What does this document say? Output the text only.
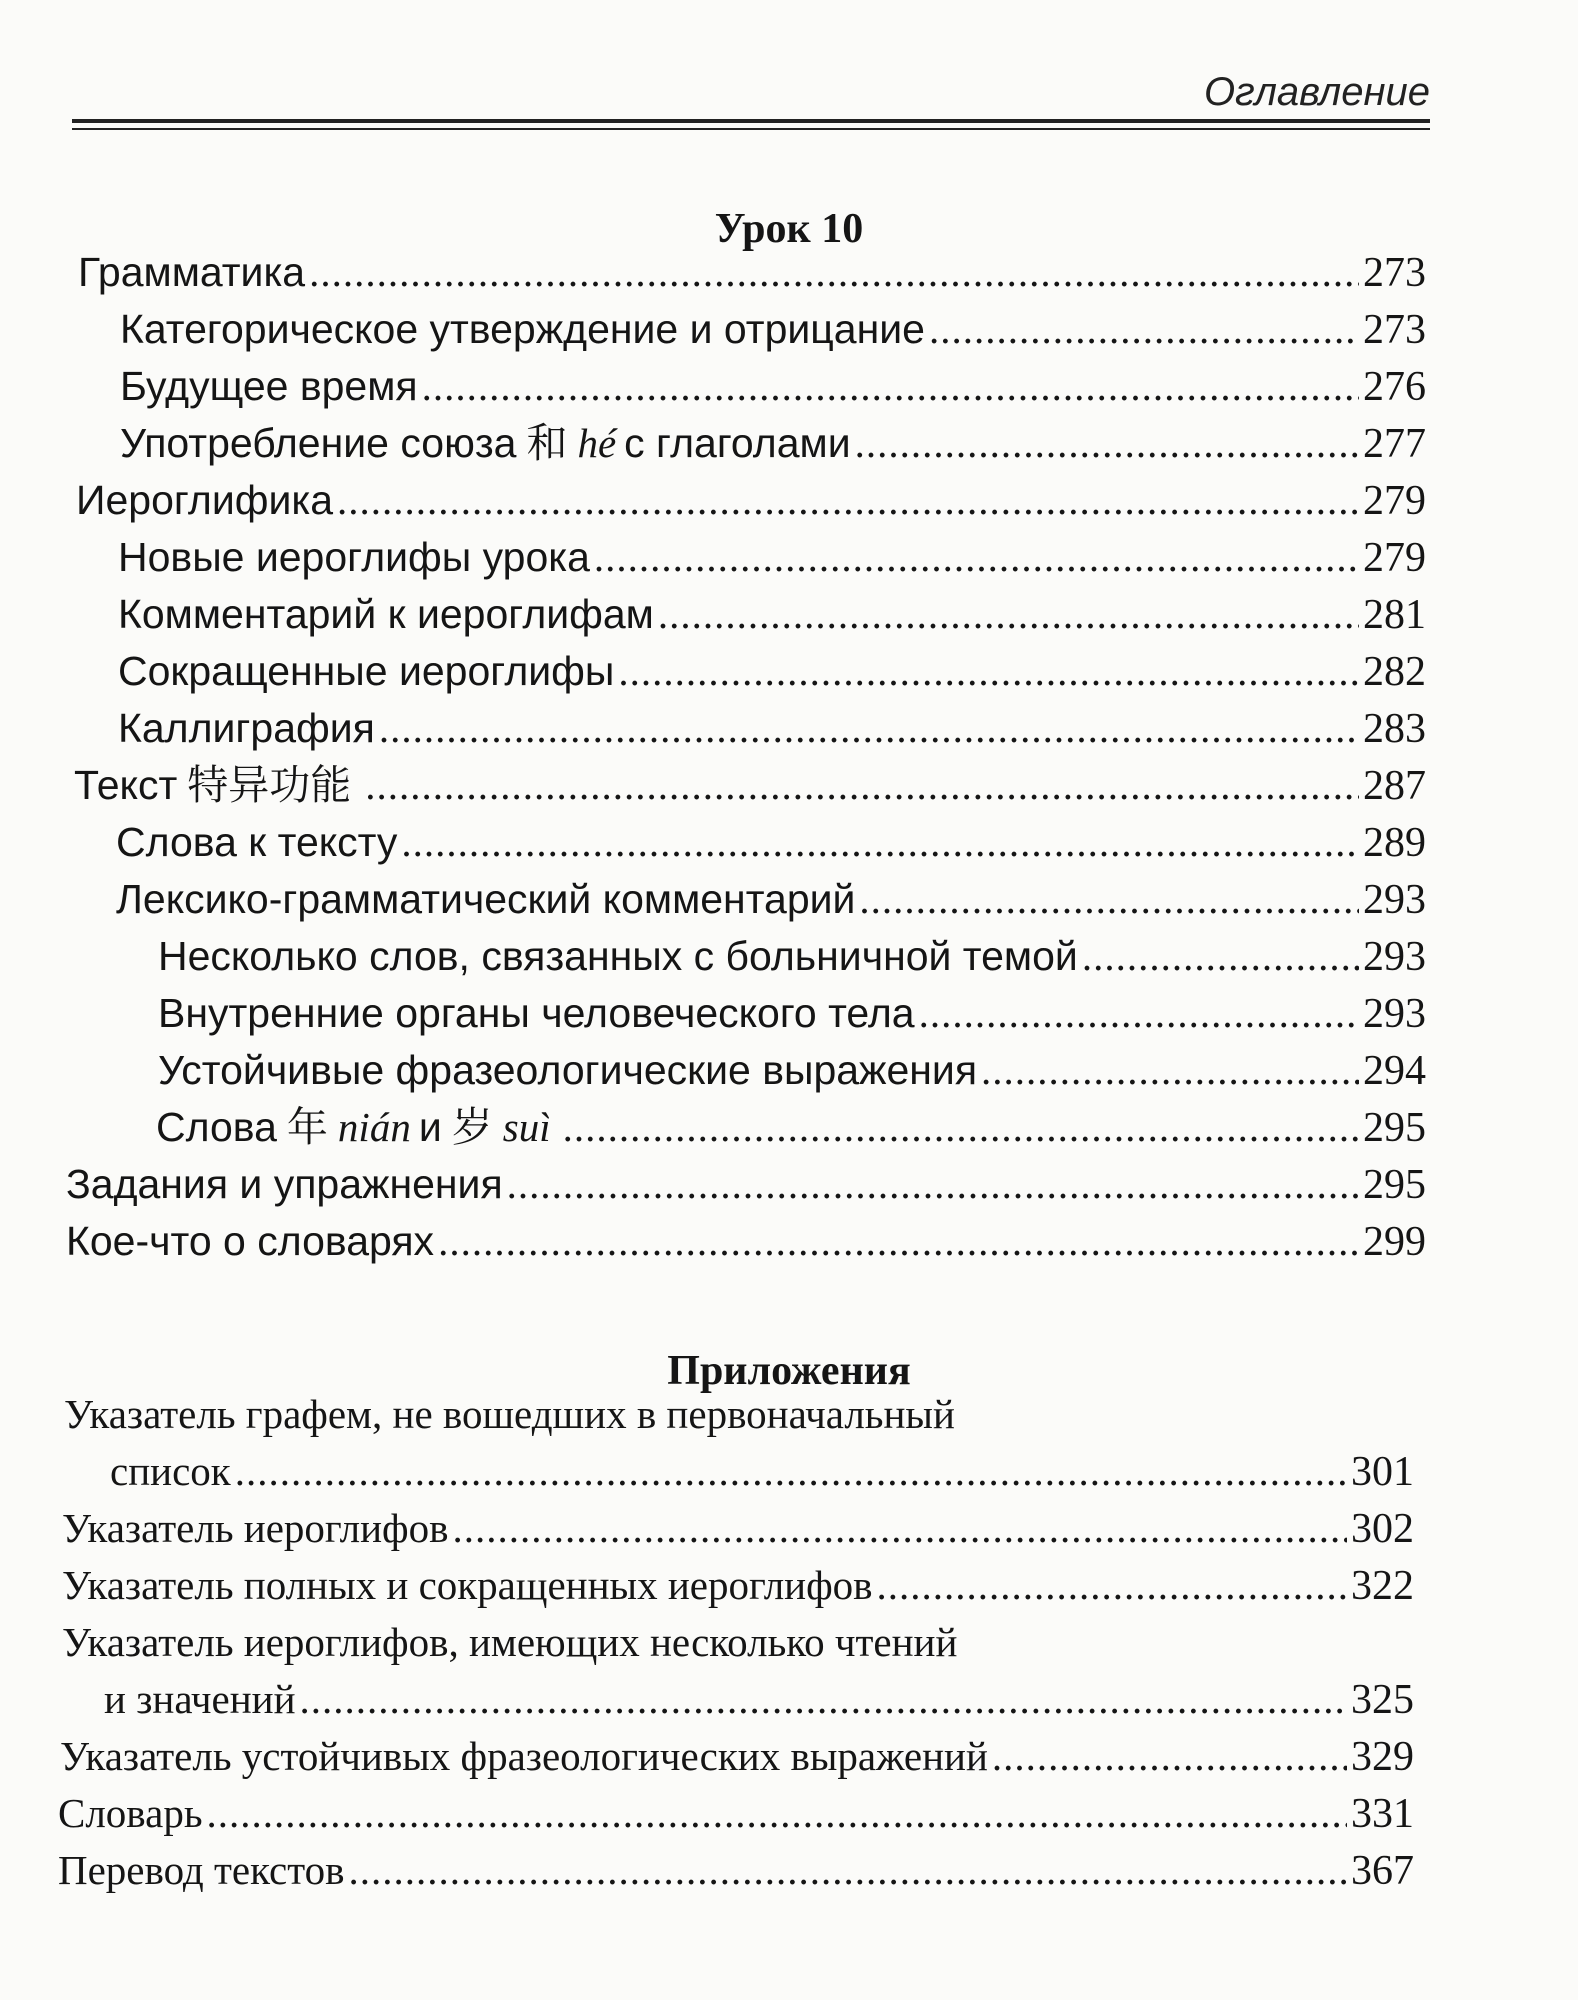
Оглавление
Урок 10
Грамматика .....	273
Категорическое утверждение и отрицание .....	273
Будущее время .....	276
Употребление союза 和 hé с глаголами .....	277
Иероглифика .....	279
Новые иероглифы урока .....	279
Комментарий к иероглифам .....	281
Сокращенные иероглифы .....	282
Каллиграфия .....	283
Текст 特异功能 .....	287
Слова к тексту .....	289
Лексико-грамматический комментарий .....	293
Несколько слов, связанных с больничной темой .....	293
Внутренние органы человеческого тела .....	293
Устойчивые фразеологические выражения .....	294
Слова 年 nián и 岁 suì .....	295
Задания и упражнения .....	295
Кое-что о словарях .....	299
Приложения
Указатель графем, не вошедших в первоначальный
список .....	301
Указатель иероглифов .....	302
Указатель полных и сокращенных иероглифов .....	322
Указатель иероглифов, имеющих несколько чтений
и значений .....	325
Указатель устойчивых фразеологических выражений .....	329
Словарь .....	331
Перевод текстов .....	367
